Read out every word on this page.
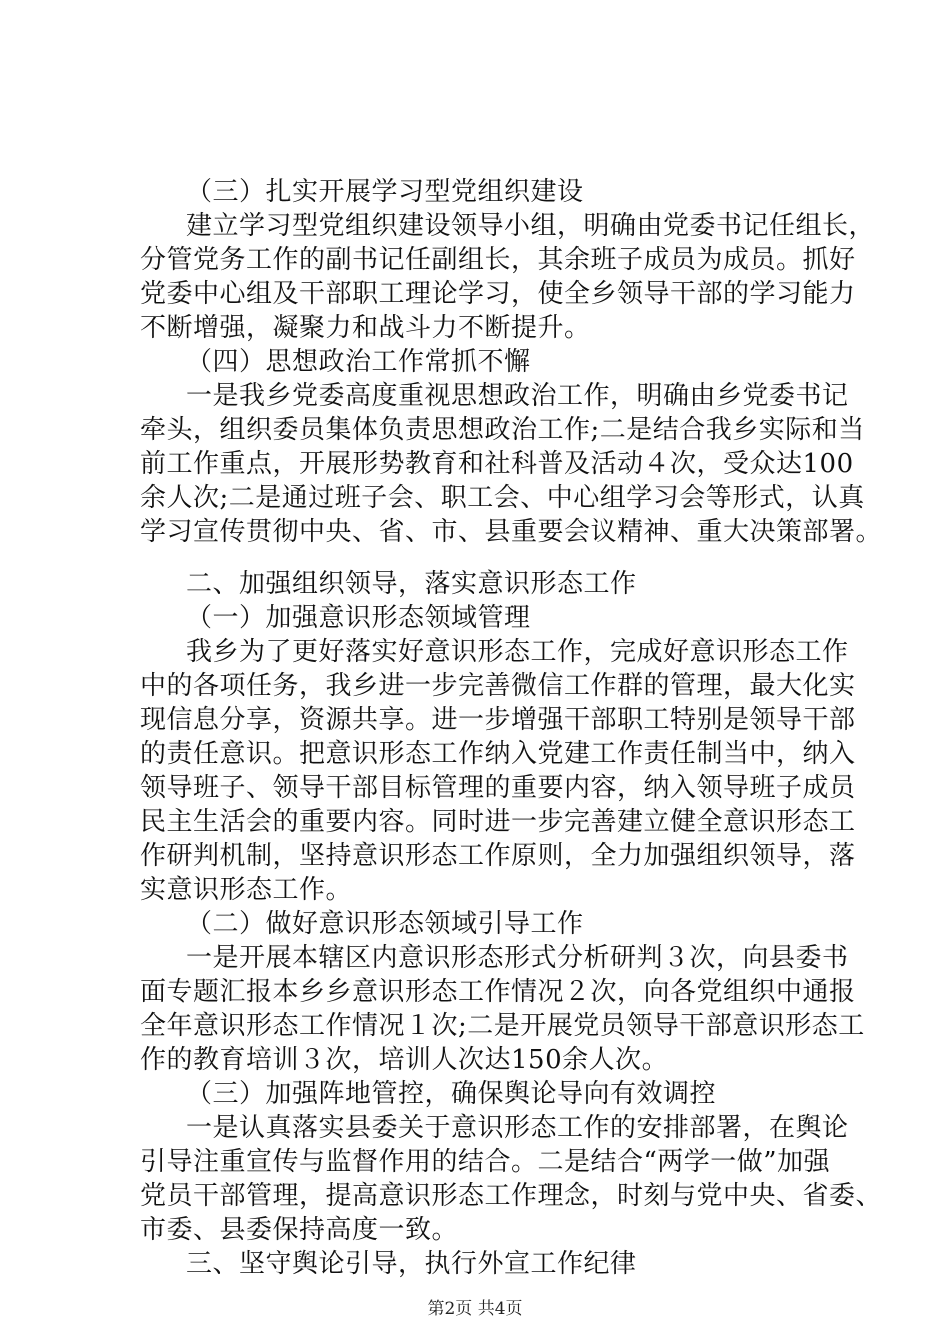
（三）扎实开展学习型党组织建设
建立学习型党组织建设领导小组，明确由党委书记任组长，
分管党务工作的副书记任副组长，其余班子成员为成员。抓好
党委中心组及干部职工理论学习，使全乡领导干部的学习能力
不断增强，凝聚力和战斗力不断提升。
（四）思想政治工作常抓不懈
一是我乡党委高度重视思想政治工作，明确由乡党委书记
牵头，组织委员集体负责思想政治工作;二是结合我乡实际和当
前工作重点，开展形势教育和社科普及活动４次，受众达100
余人次;二是通过班子会、职工会、中心组学习会等形式，认真
学习宣传贯彻中央、省、市、县重要会议精神、重大决策部署。
二、加强组织领导，落实意识形态工作
（一）加强意识形态领域管理
我乡为了更好落实好意识形态工作，完成好意识形态工作
中的各项任务，我乡进一步完善微信工作群的管理，最大化实
现信息分享，资源共享。进一步增强干部职工特别是领导干部
的责任意识。把意识形态工作纳入党建工作责任制当中，纳入
领导班子、领导干部目标管理的重要内容，纳入领导班子成员
民主生活会的重要内容。同时进一步完善建立健全意识形态工
作研判机制，坚持意识形态工作原则，全力加强组织领导，落
实意识形态工作。
（二）做好意识形态领域引导工作
一是开展本辖区内意识形态形式分析研判３次，向县委书
面专题汇报本乡乡意识形态工作情况２次，向各党组织中通报
全年意识形态工作情况１次;二是开展党员领导干部意识形态工
作的教育培训３次，培训人次达150余人次。
（三）加强阵地管控，确保舆论导向有效调控
一是认真落实县委关于意识形态工作的安排部署，在舆论
引导注重宣传与监督作用的结合。二是结合“两学一做”加强
党员干部管理，提高意识形态工作理念，时刻与党中央、省委、
市委、县委保持高度一致。
三、坚守舆论引导，执行外宣工作纪律
第2页 共4页
